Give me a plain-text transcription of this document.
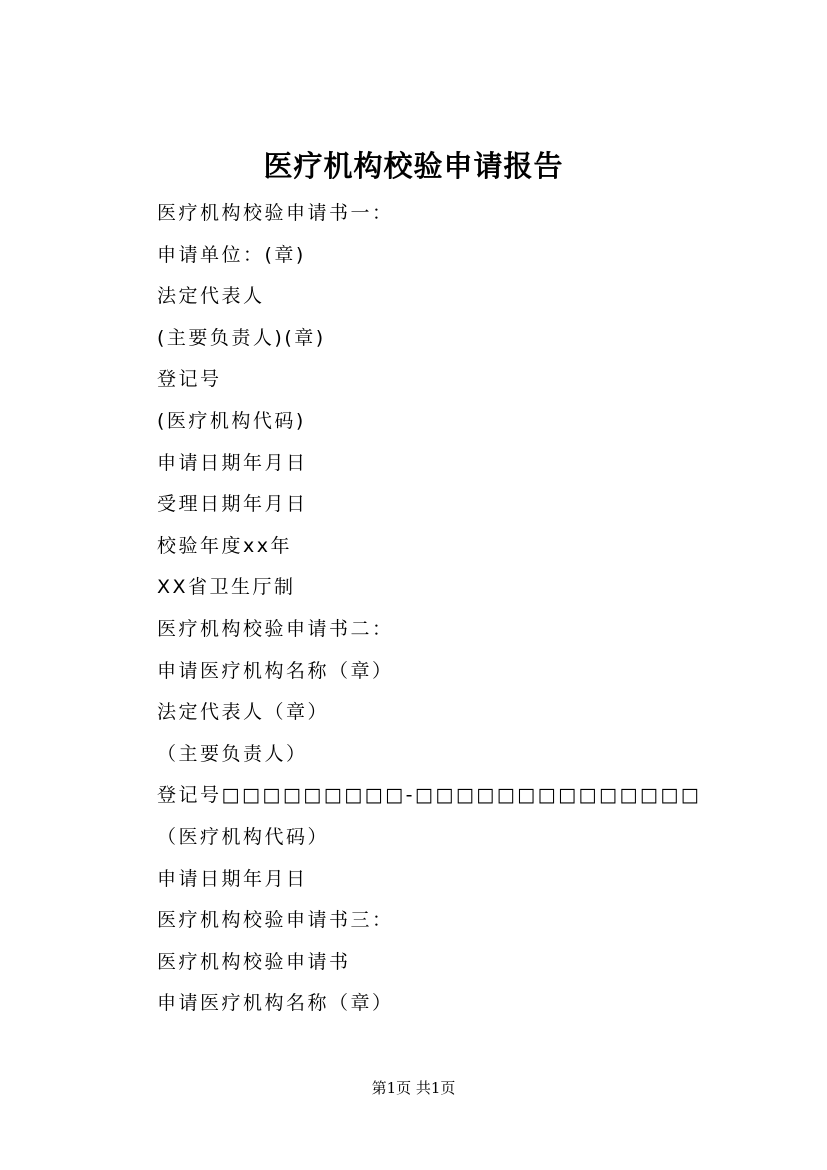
医疗机构校验申请报告
医疗机构校验申请书一：
申请单位：(章)
法定代表人
(主要负责人)(章)
登记号
(医疗机构代码)
申请日期年月日
受理日期年月日
校验年度xx年
XX省卫生厅制
医疗机构校验申请书二：
申请医疗机构名称（章）
法定代表人（章）
（主要负责人）
登记号□□□□□□□□□-□□□□□□□□□□□□□□
（医疗机构代码）
申请日期年月日
医疗机构校验申请书三：
医疗机构校验申请书
申请医疗机构名称（章）
第1页 共1页
